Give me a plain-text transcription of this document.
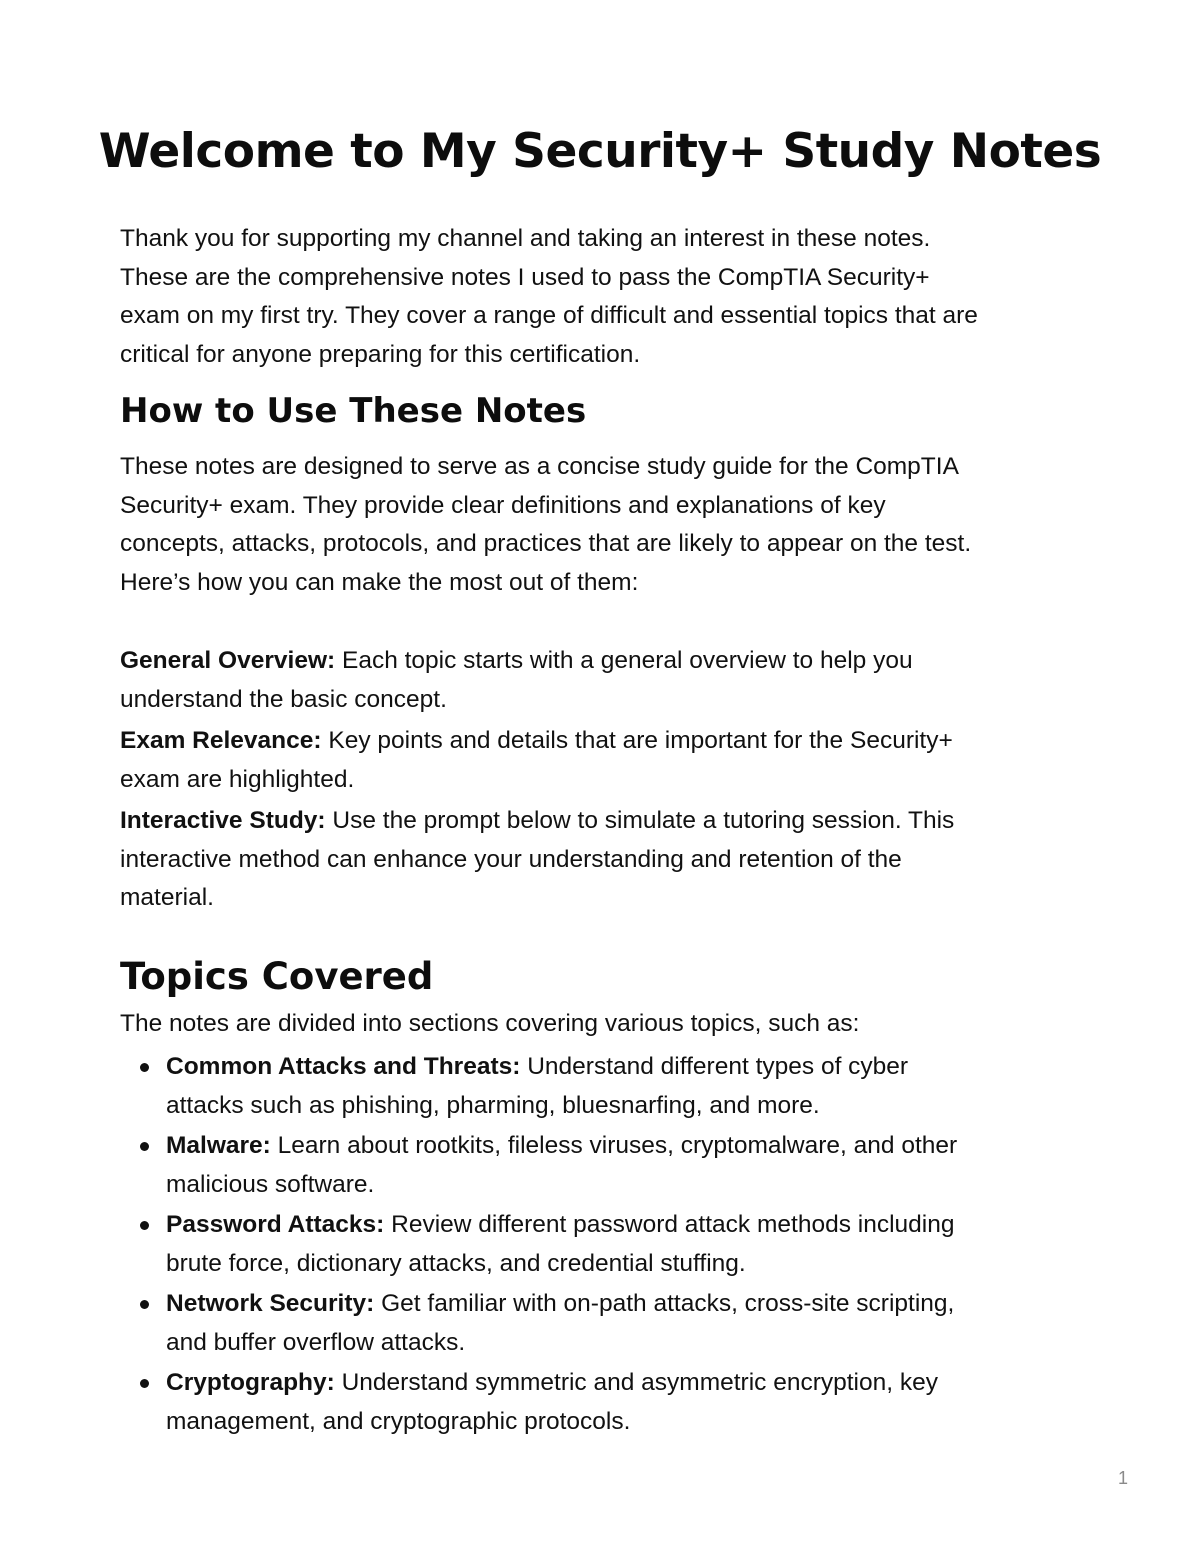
Welcome to My Security+ Study Notes

Thank you for supporting my channel and taking an interest in these notes.
These are the comprehensive notes I used to pass the CompTIA Security+
exam on my first try. They cover a range of difficult and essential topics that are
critical for anyone preparing for this certification.

How to Use These Notes

These notes are designed to serve as a concise study guide for the CompTIA
Security+ exam. They provide clear definitions and explanations of key
concepts, attacks, protocols, and practices that are likely to appear on the test.
Here’s how you can make the most out of them:

General Overview: Each topic starts with a general overview to help you
understand the basic concept.
Exam Relevance: Key points and details that are important for the Security+
exam are highlighted.
Interactive Study: Use the prompt below to simulate a tutoring session. This
interactive method can enhance your understanding and retention of the
material.
Topics Covered

The notes are divided into sections covering various topics, such as:

Common Attacks and Threats: Understand different types of cyber
attacks such as phishing, pharming, bluesnarfing, and more.
Malware: Learn about rootkits, fileless viruses, cryptomalware, and other
malicious software.
Password Attacks: Review different password attack methods including
brute force, dictionary attacks, and credential stuffing.
Network Security: Get familiar with on-path attacks, cross-site scripting,
and buffer overflow attacks.
Cryptography: Understand symmetric and asymmetric encryption, key
management, and cryptographic protocols.
1
